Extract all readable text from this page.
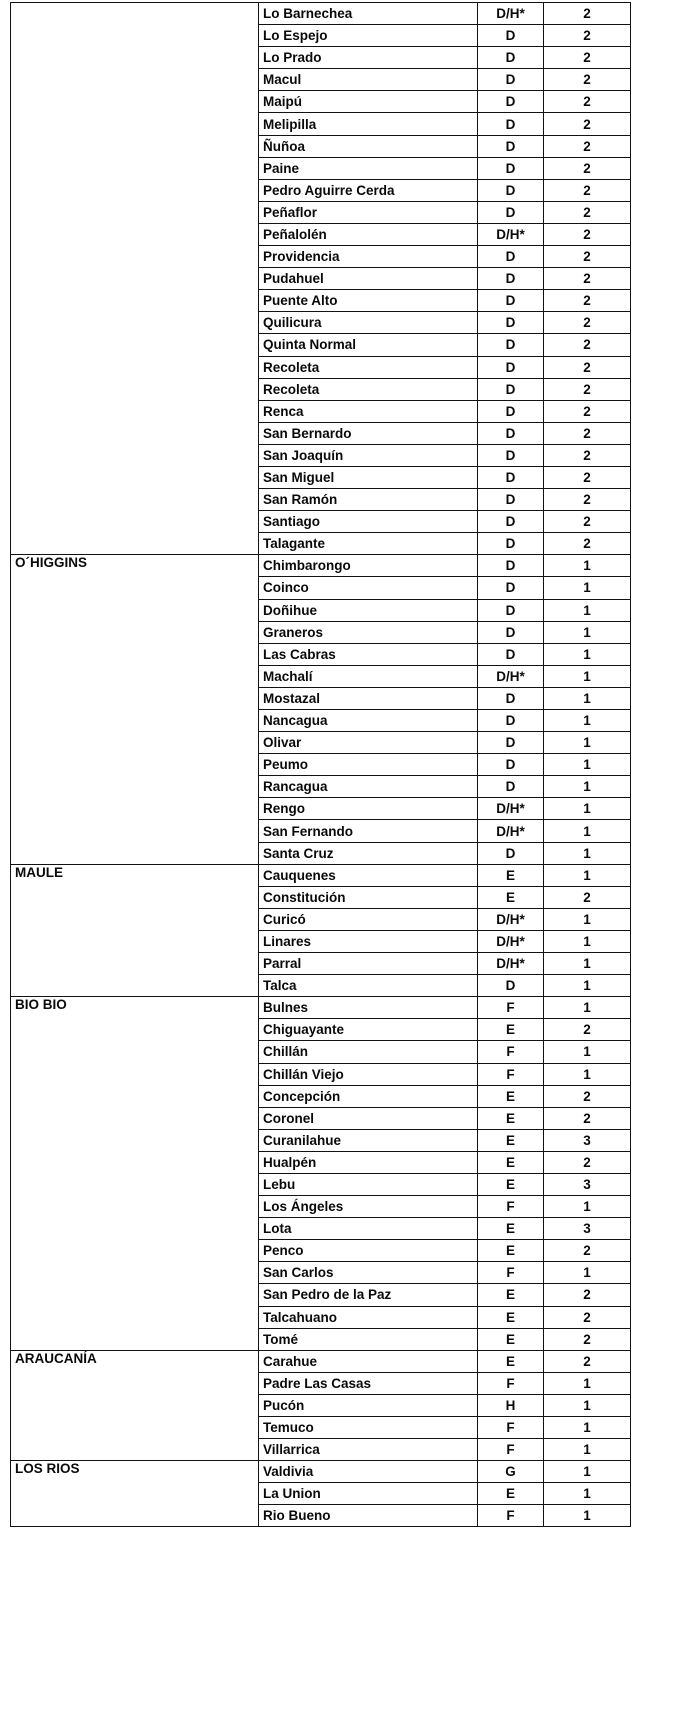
	Lo Barnechea	D/H*	2
	Lo Espejo	D	2
	Lo Prado	D	2
	Macul	D	2
	Maipú	D	2
	Melipilla	D	2
	Ñuñoa	D	2
	Paine	D	2
	Pedro Aguirre Cerda	D	2
	Peñaflor	D	2
	Peñalolén	D/H*	2
	Providencia	D	2
	Pudahuel	D	2
	Puente Alto	D	2
	Quilicura	D	2
	Quinta Normal	D	2
	Recoleta	D	2
	Recoleta	D	2
	Renca	D	2
	San Bernardo	D	2
	San Joaquín	D	2
	San Miguel	D	2
	San Ramón	D	2
	Santiago	D	2
	Talagante	D	2
O´HIGGINS	Chimbarongo	D	1
	Coinco	D	1
	Doñihue	D	1
	Graneros	D	1
	Las Cabras	D	1
	Machalí	D/H*	1
	Mostazal	D	1
	Nancagua	D	1
	Olivar	D	1
	Peumo	D	1
	Rancagua	D	1
	Rengo	D/H*	1
	San Fernando	D/H*	1
	Santa Cruz	D	1
MAULE	Cauquenes	E	1
	Constitución	E	2
	Curicó	D/H*	1
	Linares	D/H*	1
	Parral	D/H*	1
	Talca	D	1
BIO BIO	Bulnes	F	1
	Chiguayante	E	2
	Chillán	F	1
	Chillán Viejo	F	1
	Concepción	E	2
	Coronel	E	2
	Curanilahue	E	3
	Hualpén	E	2
	Lebu	E	3
	Los Ángeles	F	1
	Lota	E	3
	Penco	E	2
	San Carlos	F	1
	San Pedro de la Paz	E	2
	Talcahuano	E	2
	Tomé	E	2
ARAUCANÍA	Carahue	E	2
	Padre Las Casas	F	1
	Pucón	H	1
	Temuco	F	1
	Villarrica	F	1
LOS RIOS	Valdivia	G	1
	La Union	E	1
	Rio Bueno	F	1
